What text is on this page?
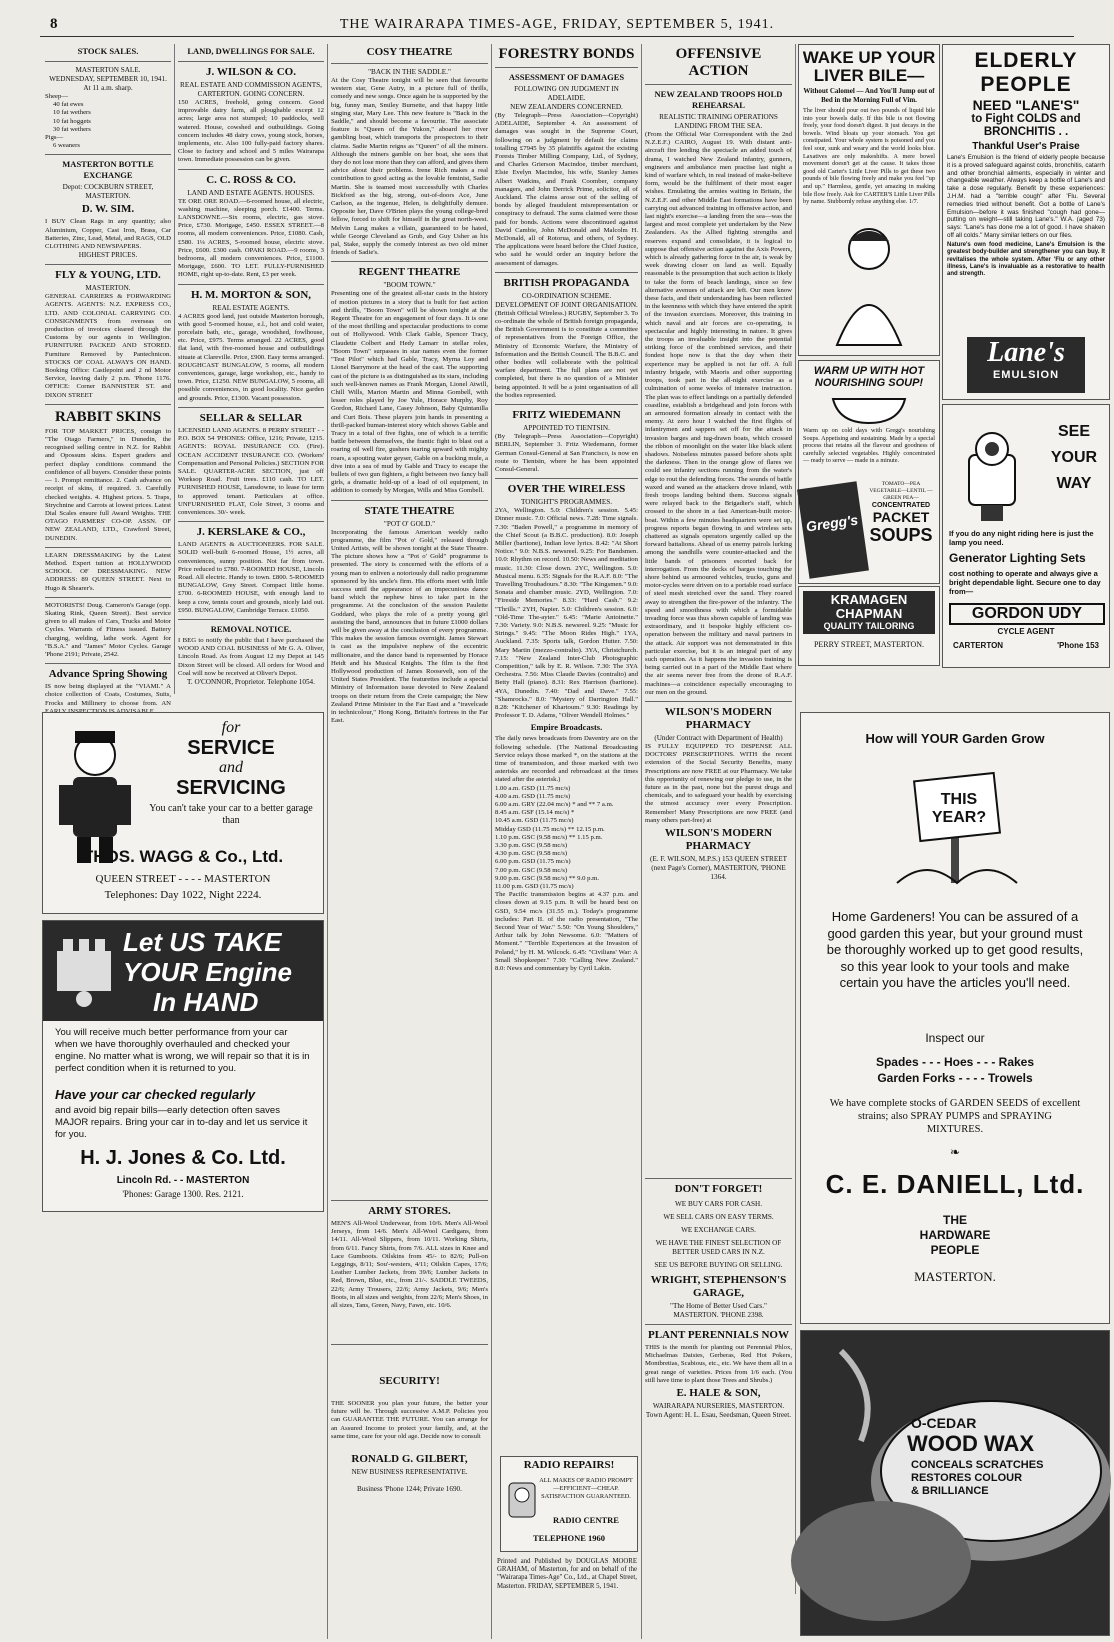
8	THE WAIRARAPA TIMES-AGE, FRIDAY, SEPTEMBER 5, 1941.
STOCK SALES.
MASTERTON SALE.
WEDNESDAY, SEPTEMBER 10, 1941.
At 11 a.m. sharp.
Sheep—
40 fat ewes
10 fat wethers
10 fat hoggets
30 fat wethers
Pigs—
6 weaners
MASTERTON BOTTLE EXCHANGE
Depot: COCKBURN STREET, MASTERTON.
D. W. SIM.
I BUY Clean Rags in any quantity; also Aluminium, Copper, Cast Iron, Brass, Car Batteries, Zinc, Lead, Metal, and RAGS, OLD CLOTHING AND NEWSPAPERS.
HIGHEST PRICES.
FLY & YOUNG, LTD.
MASTERTON.
GENERAL CARRIERS & FORWARDING AGENTS. AGENTS: N.Z. EXPRESS CO., LTD. AND COLONIAL CARRYING CO. CONSIGNMENTS from overseas on production of invoices cleared through the Customs by our agents in Wellington. FURNITURE PACKED AND STORED. Furniture Removed by Pantechnicon. STOCKS OF COAL ALWAYS ON HAND. Booking Office: Castlepoint and 2 nd Motor Service, leaving daily 2 p.m. 'Phone 1176. OFFICE: Corner BANNISTER ST. and DIXON STREET
RABBIT SKINS
FOR TOP MARKET PRICES, consign to "The Otago Farmers," in Dunedin, the recognised selling centre in N.Z. for Rabbit and Opossum skins. Expert graders and perfect display conditions command the confidence of all buyers. Consider these points— 1. Prompt remittance. 2. Cash advance on receipt of skins, if required. 3. Carefully checked weights. 4. Highest prices. 5. Traps, Strychnine and Carrots at lowest prices. Latest Dial Scales ensure full Award Weights. THE OTAGO FARMERS' CO-OP. ASSN. OF NEW ZEALAND, LTD., Crawford Street, DUNEDIN.
LEARN DRESSMAKING by the Latest Method. Expert tuition at HOLLYWOOD SCHOOL OF DRESSMAKING. NEW ADDRESS: 89 QUEEN STREET. Next to Hugo & Shearer's.
MOTORISTS! Doug. Cameron's Garage (opp. Skating Rink, Queen Street). Best service given to all makes of Cars, Trucks and Motor Cycles. Warrants of Fitness issued. Battery charging, welding, lathe work. Agent for "B.S.A." and "James" Motor Cycles. Garage 'Phone 2191; Private, 2542.
Advance Spring Showing
IS now being displayed at the "VIAMI." A choice collection of Coats, Costumes, Suits, Frocks and Millinery to choose from. AN
LAND, DWELLINGS FOR SALE.
J. WILSON & CO.
REAL ESTATE AND COMMISSION AGENTS, CARTERTON. GOING CONCERN.
150 ACRES, freehold, going concern. Good improvable dairy farm, all ploughable except 12 acres; large area not stumped; 10 paddocks, well watered. House, cowshed and outbuildings. Going concern includes 48 dairy cows, young stock, horses, implements, etc. Also 100 fully-paid factory shares. Close to factory and school and 5 miles Wairarapa town. Immediate possession can be given.
C. C. ROSS & CO.
LAND AND ESTATE AGENTS. HOUSES.
TE ORE ORE ROAD.—6-roomed house, all electric, washing machine, sleeping porch. £1400. Terms. LANSDOWNE.—Six rooms, electric, gas stove. Price, £730. Mortgage, £450. ESSEX STREET.—8 rooms, all modern conveniences. Price, £1080. Cash, £580. 1¼ ACRES, 5-roomed house, electric stove. Price, £600. £300 cash. OPAKI ROAD.—9 rooms, 3 bedrooms, all modern conveniences. Price, £1100. Mortgage, £600. TO LET. FULLY-FURNISHED HOME, right up-to-date. Rent, £3 per week.
H. M. MORTON & SON,
REAL ESTATE AGENTS.
4 ACRES good land, just outside Masterton borough, with good 5-roomed house, e.l., hot and cold water, porcelain bath, etc., garage, woodshed, fowlhouse, etc. Price, £975. Terms arranged. 22 ACRES, good flat land, with five-roomed house and outbuildings situate at Clareville. Price, £900. Easy terms arranged. ROUGHCAST BUNGALOW, 5 rooms, all modern conveniences, garage, large workshop, etc., handy to town. Price, £1250. NEW BUNGALOW, 5 rooms, all possible conveniences, in good locality. Nice garden and grounds. Price, £1300. Vacant possession.
SELLAR & SELLAR
LICENSED LAND AGENTS. 8 PERRY STREET - - P.O. BOX 54 'PHONES: Office, 1216; Private, 1215. AGENTS: ROYAL INSURANCE CO. (Fire). OCEAN ACCIDENT INSURANCE CO. (Workers' Compensation and Personal Policies.) SECTION FOR SALE. QUARTER-ACRE SECTION, just off Worksop Road. Fruit trees. £110 cash. TO LET. FURNISHED HOUSE, Lansdowne, to lease for term to approved tenant. Particulars at office. UNFURNISHED FLAT, Cole Street, 3 rooms and conveniences. 30/- week.
J. KERSLAKE & CO.,
LAND AGENTS & AUCTIONEERS. FOR SALE. SOLID well-built 6-roomed House, 1½ acres, all conveniences, sunny position. Not far from town. Price reduced to £780. 7-ROOMED HOUSE, Lincoln Road. All electric. Handy to town. £800. 5-ROOMED BUNGALOW, Grey Street. Compact little home. £700. 6-ROOMED HOUSE, with enough land to keep a cow, tennis court and grounds, nicely laid out. £950. BUNGALOW, Cambridge Terrace. £1050.
REMOVAL NOTICE.
I BEG to notify the public that I have purchased the WOOD AND COAL BUSINESS of Mr G. A. Oliver, Lincoln Road. As from August 12 my Depot at 145 Dixon Street will be closed. All orders for Wood and Coal will now be received at Oliver's Depot.
T. O'CONNOR, Proprietor. Telephone 1054.
for
SERVICE
and
SERVICING
You can't take your car to a better garage than
THOS. WAGG & Co., Ltd.
QUEEN STREET - - - - MASTERTON
Telephones: Day 1022, Night 2224.
Let US TAKE
YOUR Engine
In HAND
You will receive much better performance from your car when we have thoroughly overhauled and checked your engine. No matter what is wrong, we will repair so that it is in perfect condition when it is returned to you.
Have your car checked regularly
and avoid big repair bills—early detection often saves MAJOR repairs. Bring your car in to-day and let us service it for you.
H. J. Jones & Co. Ltd.
Lincoln Rd. - - MASTERTON
'Phones: Garage 1300. Res. 2121.
COSY THEATRE
"BACK IN THE SADDLE."
At the Cosy Theatre tonight will be seen that favourite western star, Gene Autry, in a picture full of thrills, comedy and new songs. Once again he is supported by the big, funny man, Smiley Burnette, and that happy little singing star, Mary Lee. This new feature is "Back in the Saddle," and should become a favourite. The associate feature is "Queen of the Yukon," aboard her river gambling boat, which transports the prospectors to their claims. Sadie Martin reigns as "Queen" of all the miners. Although the miners gamble on her boat, she sees that they do not lose more than they can afford, and gives them advice about their problems. Irene Rich makes a real contribution to good acting as the lovable feminist, Sadie Martin. She is teamed most successfully with Charles Bickford as the big, strong, out-of-doors Ace, June Carlson, as the ingenue, Helen, is delightfully demure. Opposite her, Dave O'Brien plays the young college-bred fellow, forced to shift for himself in the great north-west. Melvin Lang makes a villain, guaranteed to be hated, while George Cleveland as Grub, and Guy Usher as his pal, Stake, supply the comedy interest as two old miner friends of Sadie's.
REGENT THEATRE
"BOOM TOWN."
Presenting one of the greatest all-star casts in the history of motion pictures in a story that is built for fast action and thrills, "Boom Town" will be shown tonight at the Regent Theatre for an engagement of four days. It is one of the most thrilling and spectacular productions to come out of Hollywood. With Clark Gable, Spencer Tracy, Claudette Colbert and Hedy Lamarr in stellar roles, "Boom Town" surpasses in star names even the former "Test Pilot" which had Gable, Tracy, Myrna Loy and Lionel Barrymore at the head of the cast. The supporting cast of the picture is as distinguished as its stars, including such well-known names as Frank Morgan, Lionel Atwill, Chill Wills, Marion Martin and Minna Gombell, with lesser roles played by Joe Yule, Horace Murphy, Roy Gordon, Richard Lane, Casey Johnson, Baby Quintanilla and Curt Bois. These players join hands in presenting a thrill-packed human-interest story which shows Gable and Tracy in a total of five fights, one of which is a terrific battle between themselves, the frantic fight to blast out a roaring oil well fire, gushers tearing upward with mighty roars, a spouting water geyser, Gable on a bucking mule, a dive into a sea of mud by Gable and Tracy to escape the bullets of two gun fighters, a fight between two fancy ball girls, a dramatic hold-up of a load of oil equipment, in addition to comedy by Morgan, Wills and Miss Gombell.
STATE THEATRE
"POT O' GOLD."
Incorporating the famous American weekly radio programme, the film "Pot o' Gold," released through United Artists, will be shown tonight at the State Theatre. The picture shows how a "Pot o' Gold" programme is presented. The story is concerned with the efforts of a young man to enliven a notoriously dull radio programme sponsored by his uncle's firm. His efforts meet with little success until the appearance of an impecunious dance band which the nephew hires to take part in the programme. At the conclusion of the session Paulette Goddard, who plays the role of a pretty young girl assisting the band, announces that in future £1000 dollars will be given away at the conclusion of every programme. This makes the session famous overnight. James Stewart is cast as the impulsive nephew of the eccentric millionaire, and the dance band is represented by Horace Heidt and his Musical Knights. The film is the first Hollywood production of James Roosevelt, son of the United States President. The featurettes include a special Ministry of Information issue devoted to New Zealand troops on their return from the Crete campaign; the New Zealand Prime Minister in the Far East and a "travelcade in technicolour," Hong Kong, Britain's fortress in the Far East.
ARMY STORES.
MEN'S All-Wool Underwear, from 10/6. Men's All-Wool Jerseys, from 14/6. Men's All-Wool Cardigans, from 14/11. All-Wool Slippers, from 10/11. Working Shirts, from 6/11. Fancy Shirts, from 7/6. ALL sizes in Knee and Lace Gumboots. Oilskins from 45/- to 82/6; Pull-on Leggings, 8/11; Sou'-westers, 4/11; Oilskin Capes, 17/6; Leather Lumber Jackets, from 39/6; Lumber Jackets in Red, Brown, Blue, etc., from 21/-. SADDLE TWEEDS, 22/6; Army Trousers, 22/6; Army Jackets, 9/6; Men's Boots, in all sizes and weights, from 22/6; Men's Shoes, in all sizes, Tans, Green, Navy, Fawn, etc. 10/6.
SECURITY!
THE SOONER you plan your future, the better your future will be. Through successive A.M.P. Policies you can GUARANTEE THE FUTURE. You can arrange for an Assured Income to protect your family, and, at the same time, care for your old age. Decide now to consult
RONALD G. GILBERT,
NEW BUSINESS REPRESENTATIVE.
Business 'Phone 1244; Private 1690.
FORESTRY BONDS
ASSESSMENT OF DAMAGES
FOLLOWING ON JUDGMENT IN ADELAIDE.
NEW ZEALANDERS CONCERNED.
(By Telegraph—Press Association—Copyright) ADELAIDE, September 4. An assessment of damages was sought in the Supreme Court, following on a judgment by default for claims totalling £7945 by 35 plaintiffs against the existing Forests Timber Milling Company, Ltd., of Sydney, and Charles Grierson Macindoe, timber merchant, Elsie Evelyn Macindoe, his wife, Stanley James Albert Watkins, and Frank Coomber, company managers, and John Derrick Prime, solicitor, all of Auckland. The claims arose out of the selling of bonds by alleged fraudulent misrepresentation or conspiracy to defraud. The sums claimed were those paid for bonds. Actions were discontinued against David Cambie, John McDonald and Malcolm H. McDonald, all of Rotorua, and others, of Sydney. The applications were heard before the Chief Justice, who said he would order an inquiry before the assessment of damages.
BRITISH PROPAGANDA
CO-ORDINATION SCHEME.
DEVELOPMENT OF JOINT ORGANISATION.
(British Official Wireless.) RUGBY, September 3. To co-ordinate the whole of British foreign propaganda, the British Government is to constitute a committee of representatives from the Foreign Office, the Ministry of Economic Warfare, the Ministry of Information and the British Council. The B.B.C. and other bodies will collaborate with the political warfare department. The full plans are not yet completed, but there is no question of a Minister being appointed. It will be a joint organisation of all the bodies represented.
FRITZ WIEDEMANN
APPOINTED TO TIENTSIN.
(By Telegraph—Press Association—Copyright) BERLIN, September 3. Fritz Wiedemann, former German Consul-General at San Francisco, is now en route to Tientsin, where he has been appointed Consul-General.
OVER THE WIRELESS
TONIGHT'S PROGRAMMES.
2YA, Wellington. 5.0: Children's session. 5.45: Dinner music. 7.0: Official news. 7.28: Time signals. 7.30: "Baden Powell," a programme in memory of the Chief Scout (a B.B.C. production). 8.0: Joseph Miller (baritone), Indian love lyrics. 8.42: "At Short Notice." 9.0: N.B.S. newsreel. 9.25: For Bandsmen. 10.0: Rhythm on record. 10.50: News and meditation music. 11.30: Close down. 2YC, Wellington. 5.0: Musical menu. 6.35: Signals for the R.A.F. 8.0: "The Travelling Troubadours." 8.30: "The Kingsmen." 9.0: Sonata and chamber music. 2YD, Wellington. 7.0: "Fireside Memories." 8.33: "Hard Cash." 9.2: "Thrills." 2YH, Napier. 5.0: Children's session. 6.0: "Old-Time The-ayter." 6.45: "Marie Antoinette." 7.30: Variety. 9.0: N.B.S. newsreel. 9.25: "Music for Strings." 9.45: "The Moon Rides High." 1YA, Auckland. 7.35: Sports talk, Gordon Hutter. 7.50: Mary Martin (mezzo-contralto). 3YA, Christchurch. 7.15: "New Zealand Inter-Club Photographic Competition," talk by E. R. Wilson. 7.30: The 3YA Orchestra. 7.56: Miss Claude Davies (contralto) and Betty Hall (piano). 8.31: Rex Harrison (baritone). 4YA, Dunedin. 7.40: "Dad and Dave." 7.55: "Shamrocks." 8.0: "Mystery of Darrington Hall." 8.28: "Kitchener of Khartoum." 9.30: Readings by Professor T. D. Adams, "Oliver Wendell Holmes."
Empire Broadcasts.
The daily news broadcasts from Daventry are on the following schedule. (The National Broadcasting Service relays those marked *, on the stations at the time of transmission, and those marked with two asterisks are recorded and rebroadcast at the times stated after the asterisk.)
1.00 a.m. GSD (11.75 mc/s)
4.00 a.m. GSD (11.75 mc/s)
6.00 a.m. GRY (22.04 mc/s) * and ** 7 a.m.
8.45 a.m. GSF (15.14 mc/s) *
10.45 a.m. GSD (11.75 mc/s)
Midday GSD (11.75 mc/s) ** 12.15 p.m.
1.10 p.m. GSC (9.58 mc/s) ** 1.15 p.m.
3.30 p.m. GSC (9.58 mc/s)
4.30 p.m. GSC (9.58 mc/s)
6.00 p.m. GSD (11.75 mc/s)
7.00 p.m. GSC (9.58 mc/s)
9.00 p.m. GSC (9.58 mc/s) ** 9.0 p.m.
11.00 p.m. GSD (11.75 mc/s)
The Pacific transmission begins at 4.37 p.m. and closes down at 9.15 p.m. It will be heard best on GSD, 9.54 mc/s (31.55 m.). Today's programme includes: Part II. of the radio presentation, "The Second Year of War." 5.50: "On Young Shoulders," Arthur talk by John Newsome. 6.0: "Matters of Moment." "Terrible Experiences at the Invasion of Poland," by H. M. Wilcock. 6.45: "Civilians' War: A Small Shopkeeper." 7.30: "Calling New Zealand." 8.0: News and commentary by Cyril Lakin.
RADIO REPAIRS!
ALL MAKES OF RADIO PROMPT—EFFICIENT—CHEAP. SATISFACTION GUARANTEED.
RADIO CENTRE
TELEPHONE 1960
Printed and Published by DOUGLAS MOORE GRAHAM, of Masterton, for and on behalf of the "Wairarapa Times-Age" Co., Ltd., at Chapel Street, Masterton. FRIDAY, SEPTEMBER 5, 1941.
OFFENSIVE ACTION
NEW ZEALAND TROOPS HOLD REHEARSAL
REALISTIC TRAINING OPERATIONS
LANDING FROM THE SEA.
(From the Official War Correspondent with the 2nd N.Z.E.F.) CAIRO, August 19. With distant anti-aircraft fire lending the spectacle an added touch of drama, I watched New Zealand infantry, gunners, engineers and ambulance men practise last night a kind of warfare which, in real instead of make-believe form, would be the fulfilment of their most eager wishes. Emulating the armies waiting in Britain, the N.Z.E.F. and other Middle East formations have been carrying out advanced training in offensive action, and last night's exercise—a landing from the sea—was the largest and most complete yet undertaken by the New Zealanders. As the Allied fighting strengths and reserves expand and consolidate, it is logical to suppose that offensive action against the Axis Powers, which is already gathering force in the air, is weak by week drawing closer on land as well. Equally reasonable is the presumption that such action is likely to take the form of beach landings, since so few alternative avenues of attack are left. Our men know these facts, and their understanding has been reflected in the keenness with which they have entered the spirit of the invasion exercises. Moreover, this training in which naval and air forces are co-operating, is spectacular and highly interesting in nature. It gives the troops an invaluable insight into the potential striking force of the combined services, and their fondest hope now is that the day when their experience may be applied is not far off. A full infantry brigade, with Maoris and other supporting troops, took part in the all-night exercise as a culmination of some weeks of intensive instruction. The plan was to effect landings on a partially defended coastline, establish a bridgehead and join forces with an armoured formation already in contact with the enemy. At zero hour I watched the first flights of infantrymen and sappers set off for the attack in invasion barges and tug-drawn boats, which crossed the ribbon of moonlight on the water like black silent shadows. Noiseless minutes passed before shots split the darkness. Then in the orange glow of flares we could see infantry sections running from the water's edge to rout the defending forces. The sounds of battle waxed and waned as the attackers drove inland, with fresh troops landing behind them. Success signals were relayed back to the Brigadier's staff, which crossed to the shore in a fast American-built motor-boat. Within a few minutes headquarters were set up, progress reports began flowing in and wireless sets chattered as signals operators urgently called up the forward battalions. Ahead of us enemy patrols lurking among the sandhills were counter-attacked and the little bands of prisoners escorted back for interrogation. From the decks of barges touching the shore behind us armoured vehicles, trucks, guns and motor-cycles were driven on to a portable road surface of steel mesh stretched over the sand. They roared away to strengthen the fire-power of the infantry. The speed and smoothness with which a formidable invading force was thus shown capable of landing was extraordinary, and it bespoke highly efficient co-operation between the military and naval partners in the attack. Air support was not demonstrated in this particular exercise, but it is an integral part of any such operation. As it happens the invasion training is being carried out in a part of the Middle East where the air seems never free from the drone of R.A.F. machines—a coincidence especially encouraging to our men on the ground.
WILSON'S MODERN PHARMACY
(Under Contract with Department of Health)
IS FULLY EQUIPPED TO DISPENSE ALL DOCTORS' PRESCRIPTIONS. WITH the recent extension of the Social Security Benefits, many Prescriptions are now FREE at our Pharmacy. We take this opportunity of renewing our pledge to use, in the future as in the past, none but the purest drugs and chemicals, and to safeguard your health by exercising the utmost accuracy over every Prescription. Remember! Many Prescriptions are now FREE (and many others part-free) at
WILSON'S MODERN PHARMACY
(E. F. WILSON, M.P.S.) 153 QUEEN STREET (next Page's Corner), MASTERTON, 'PHONE 1364.
DON'T FORGET!
WE BUY CARS FOR CASH.
WE SELL CARS ON EASY TERMS.
WE EXCHANGE CARS.
WE HAVE THE FINEST SELECTION OF BETTER USED CARS IN N.Z.
SEE US BEFORE BUYING OR SELLING.
WRIGHT, STEPHENSON'S GARAGE,
"The Home of Better Used Cars."
MASTERTON. 'PHONE 2398.
PLANT PERENNIALS NOW
THIS is the month for planting out Perennial Phlox, Michaelmas Daisies, Gerberas, Red Hot Pokers, Montbretias, Scabious, etc., etc. We have them all in a great range of varieties. Prices from 1/6 each. (You still have time to plant those Trees and Shrubs.)
E. HALE & SON,
WAIRARAPA NURSERIES, MASTERTON.
Town Agent: H. L. Esau, Seedsman, Queen Street.
WAKE UP YOUR LIVER BILE—
Without Calomel — And You'll Jump out of Bed in the Morning Full of Vim.
The liver should pour out two pounds of liquid bile into your bowels daily. If this bile is not flowing freely, your food doesn't digest. It just decays in the bowels. Wind bloats up your stomach. You get constipated. Your whole system is poisoned and you feel sour, sunk and weary and the world looks blue. Laxatives are only makeshifts. A mere bowel movement doesn't get at the cause. It takes those good old Carter's Little Liver Pills to get these two pounds of bile flowing freely and make you feel "up and up." Harmless, gentle, yet amazing in making bile flow freely. Ask for CARTER'S Little Liver Pills by name. Stubbornly refuse anything else. 1/7.
WARM UP WITH HOT NOURISHING SOUP!
Warm up on cold days with Gregg's nourishing Soups. Appetising and sustaining. Made by a special process that retains all the flavour and goodness of carefully selected vegetables. Highly concentrated — ready to serve — made in a minute.
Gregg's
TOMATO—PEA VEGETABLE—LENTIL —GREEN PEA—
CONCENTRATED
PACKET
SOUPS
KRAMAGEN
CHAPMAN
QUALITY TAILORING
PERRY STREET, MASTERTON.
ELDERLY PEOPLE
NEED "LANE'S"
to Fight COLDS and BRONCHITIS . .
Thankful User's Praise
Lane's Emulsion is the friend of elderly people because it is a proved safeguard against colds, bronchitis, catarrh and other bronchial ailments, especially in winter and changeable weather. Always keep a bottle of Lane's and take a dose regularly. Benefit by these experiences: J.H.M. had a "terrible cough" after 'Flu. Several remedies tried without benefit. Got a bottle of Lane's Emulsion—before it was finished "cough had gone—putting on weight—still taking Lane's." W.A. (aged 73) says: "Lane's has done me a lot of good. I have shaken off all colds." Many similar letters on our files.
Nature's own food medicine, Lane's Emulsion is the greatest body-builder and strengthener you can buy. It revitalises the whole system. After 'Flu or any other illness, Lane's is invaluable as a restorative to health and strength.
Lane's
EMULSION
SEE
YOUR
WAY
If you do any night riding here is just the lamp you need.
Generator Lighting Sets
cost nothing to operate and always give a bright dependable light. Secure one to day from—
GORDON UDY
CYCLE AGENT
CARTERTON	'Phone 153
How will YOUR Garden Grow
THIS
YEAR?
Home Gardeners! You can be assured of a good garden this year, but your ground must be thoroughly worked up to get good results, so this year look to your tools and make certain you have the articles you'll need.
Inspect our
Spades - - - Hoes - - - Rakes
Garden Forks - - - - Trowels
We have complete stocks of GARDEN SEEDS of excellent strains; also SPRAY PUMPS and SPRAYING MIXTURES.
❧
C. E. DANIELL, Ltd.
THE
HARDWARE
PEOPLE
MASTERTON.
O-CEDAR
WOOD WAX
CONCEALS SCRATCHES
RESTORES COLOUR
& BRILLIANCE
